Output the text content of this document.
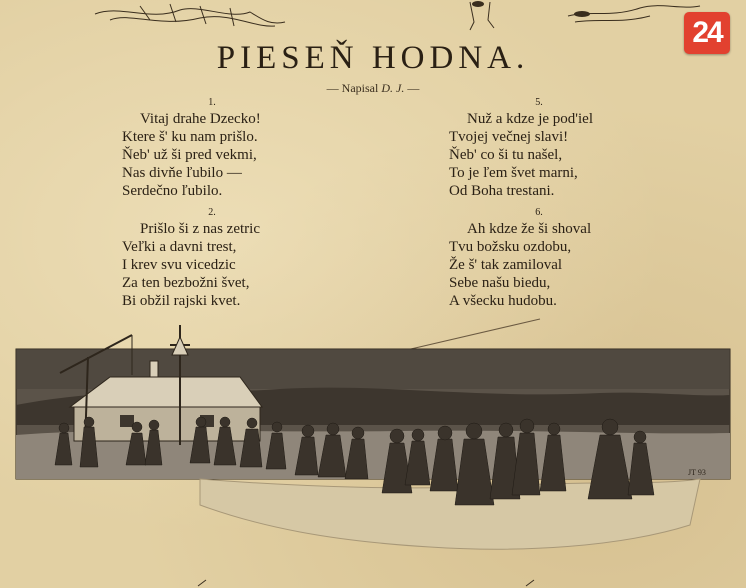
24
PIESEŇ HODNA.
— Napisal D. J. —
1.
Vitaj drahe Dzecko!
Ktere š' ku nam prišlo.
Ňeb' už ši pred vekmi,
Nas divňe ľubilo —
Serdečno ľubilo.
2.
Prišlo ši z nas zetric
Veľki a davni trest,
I krev svu vicedzic
Za ten bezbožni švet,
Bi obžil rajski kvet.
5.
Nuž a kdze je pod'iel
Tvojej večnej slavi!
Ňeb' co ši tu našel,
To je ľem švet marni,
Od Boha trestani.
6.
Ah kdze že ši shoval
Tvu božsku ozdobu,
Že š' tak zamiloval
Sebe našu biedu,
A všecku hudobu.
JT 93
